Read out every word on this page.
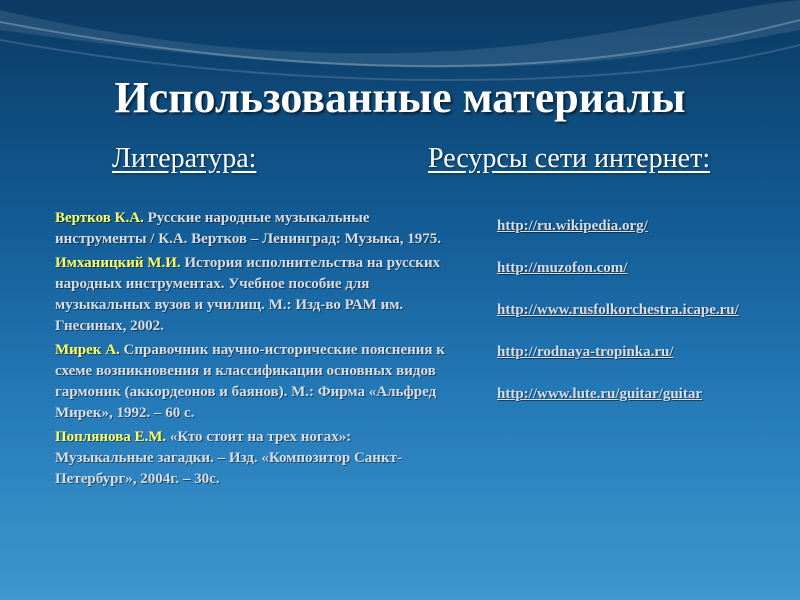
Использованные материалы
Литература:	Ресурсы сети интернет:
Вертков К.А. Русские народные музыкальные инструменты / К.А. Вертков – Ленинград: Музыка, 1975.
Имханицкий М.И. История исполнительства на русских народных инструментах. Учебное пособие для музыкальных вузов и училищ. М.: Изд-во РАМ им. Гнесиных, 2002.
Мирек А. Справочник научно-исторические пояснения к схеме возникновения и классификации основных видов гармоник (аккордеонов и баянов). М.: Фирма «Альфред Мирек», 1992. – 60 с.
Поплянова Е.М. «Кто стоит на трех ногах»: Музыкальные загадки. – Изд. «Композитор Санкт-Петербург», 2004г. – 30с.
http://ru.wikipedia.org/
http://muzofon.com/
http://www.rusfolkorchestra.icape.ru/
http://rodnaya-tropinka.ru/
http://www.lute.ru/guitar/guitar
